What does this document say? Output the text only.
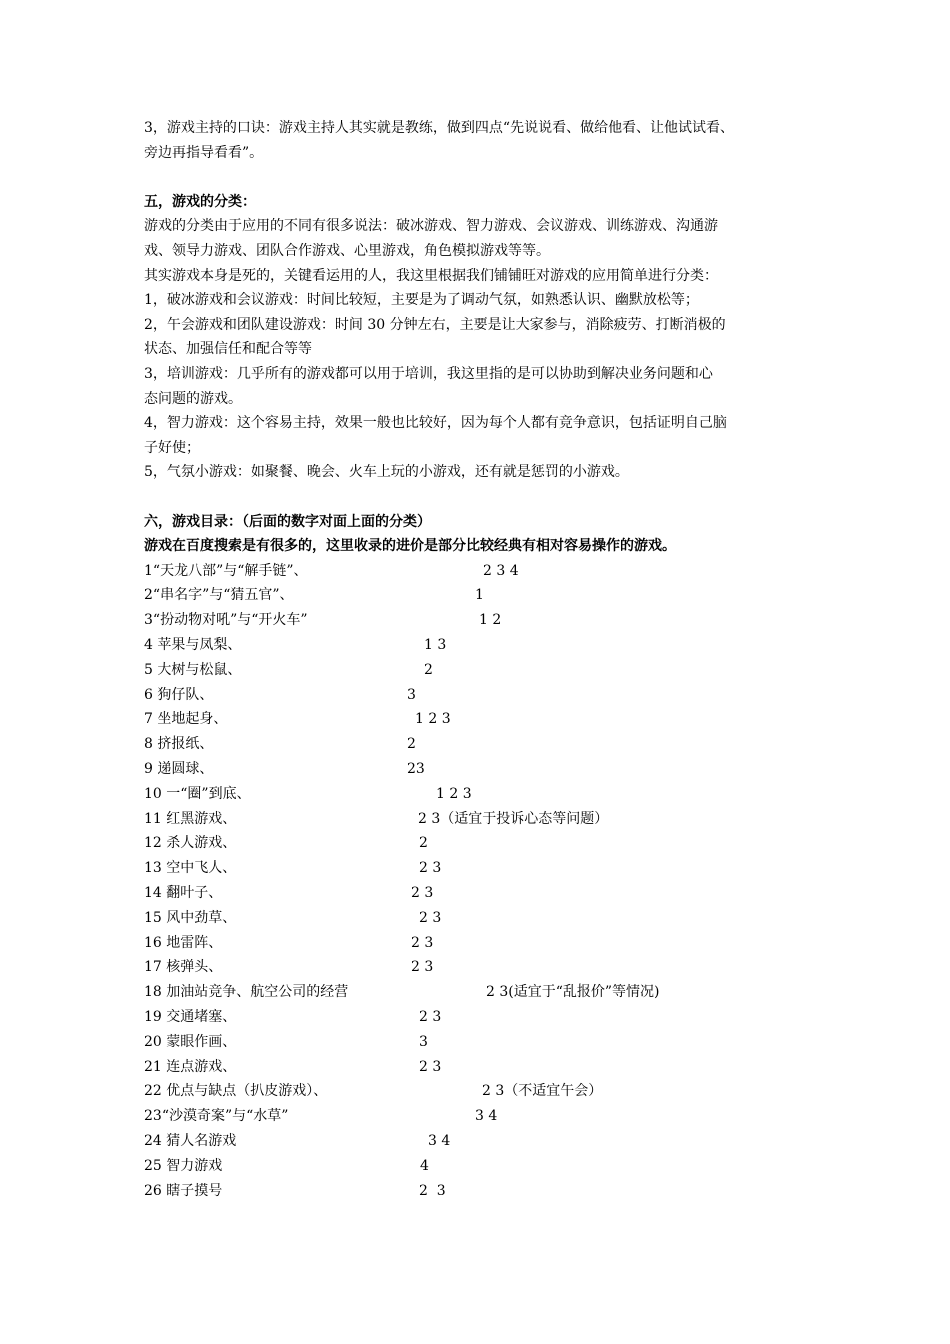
3，游戏主持的口诀：游戏主持人其实就是教练，做到四点“先说说看、做给他看、让他试试看、

旁边再指导看看”。

五，游戏的分类：

游戏的分类由于应用的不同有很多说法：破冰游戏、智力游戏、会议游戏、训练游戏、沟通游

戏、领导力游戏、团队合作游戏、心里游戏，角色模拟游戏等等。

其实游戏本身是死的，关键看运用的人，我这里根据我们铺铺旺对游戏的应用简单进行分类：

1，破冰游戏和会议游戏：时间比较短，主要是为了调动气氛，如熟悉认识、幽默放松等；

2，午会游戏和团队建设游戏：时间 30 分钟左右，主要是让大家参与，消除疲劳、打断消极的

状态、加强信任和配合等等

3，培训游戏：几乎所有的游戏都可以用于培训，我这里指的是可以协助到解决业务问题和心

态问题的游戏。

4，智力游戏：这个容易主持，效果一般也比较好，因为每个人都有竞争意识，包括证明自己脑

子好使；

5，气氛小游戏：如聚餐、晚会、火车上玩的小游戏，还有就是惩罚的小游戏。

六，游戏目录：（后面的数字对面上面的分类）

游戏在百度搜索是有很多的，这里收录的进价是部分比较经典有相对容易操作的游戏。

1“天龙八部”与“解手链”、	2 3 4
2“串名字”与“猜五官”、	1
3“扮动物对吼”与“开火车”	1 2
4 苹果与凤梨、	1 3
5 大树与松鼠、	2
6 狗仔队、	3
7 坐地起身、	1 2 3
8 挤报纸、	2
9 递圆球、	23
10 一“圈”到底、	1 2 3
11 红黑游戏、	2 3（适宜于投诉心态等问题）
12 杀人游戏、	2
13 空中飞人、	2 3
14 翻叶子、	2 3
15 风中劲草、	2 3
16 地雷阵、	2 3
17 核弹头、	2 3
18 加油站竞争、航空公司的经营	2 3(适宜于“乱报价”等情况)
19 交通堵塞、	2 3
20 蒙眼作画、	3
21 连点游戏、	2 3
22 优点与缺点（扒皮游戏）、	2 3（不适宜午会）
23“沙漠奇案”与“水草”	3 4
24 猜人名游戏	3 4
25 智力游戏	4
26 瞎子摸号	2  3
